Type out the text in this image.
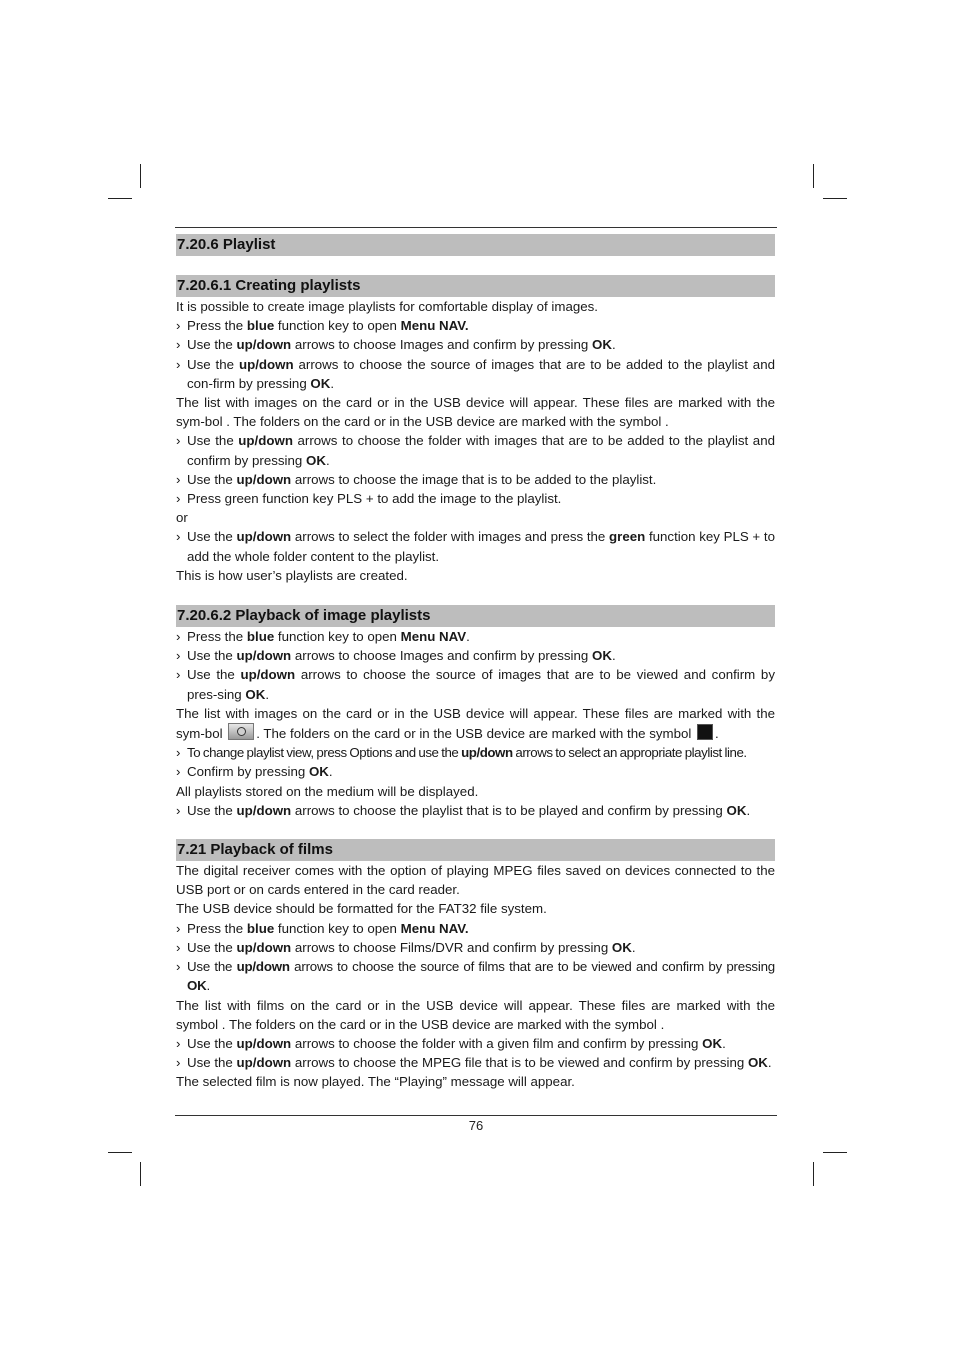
7.20.6 Playlist
7.20.6.1 Creating playlists
It is possible to create image playlists for comfortable display of images.
› Press the blue function key to open Menu NAV.
› Use the up/down arrows to choose Images and confirm by pressing OK.
› Use the up/down arrows to choose the source of images that are to be added to the playlist and con-firm by pressing OK.
The list with images on the card or in the USB device will appear. These files are marked with the sym-bol . The folders on the card or in the USB device are marked with the symbol .
› Use the up/down arrows to choose the folder with images that are to be added to the playlist and confirm by pressing OK.
› Use the up/down arrows to choose the image that is to be added to the playlist.
› Press green function key PLS + to add the image to the playlist.
or
› Use the up/down arrows to select the folder with images and press the green function key PLS + to add the whole folder content to the playlist.
This is how user’s playlists are created.
7.20.6.2 Playback of image playlists
› Press the blue function key to open Menu NAV.
› Use the up/down arrows to choose Images and confirm by pressing OK.
› Use the up/down arrows to choose the source of images that are to be viewed and confirm by pres-sing OK.
The list with images on the card or in the USB device will appear. These files are marked with the sym-bol	. The folders on the card or in the USB device are marked with the symbol .
› To change playlist view, press Options and use the up/down arrows to select an appropriate playlist line.
› Confirm by pressing OK.
All playlists stored on the medium will be displayed.
› Use the up/down arrows to choose the playlist that is to be played and confirm by pressing OK.
7.21 Playback of films
The digital receiver comes with the option of playing MPEG files saved on devices connected to the USB port or on cards entered in the card reader.
The USB device should be formatted for the FAT32 file system.
› Press the blue function key to open Menu NAV.
› Use the up/down arrows to choose Films/DVR and confirm by pressing OK.
› Use the up/down arrows to choose the source of films that are to be viewed and confirm by pressing OK.
The list with films on the card or in the USB device will appear. These files are marked with the symbol . The folders on the card or in the USB device are marked with the symbol .
› Use the up/down arrows to choose the folder with a given film and confirm by pressing OK.
› Use the up/down arrows to choose the MPEG file that is to be viewed and confirm by pressing OK.
The selected film is now played. The “Playing” message will appear.
76
